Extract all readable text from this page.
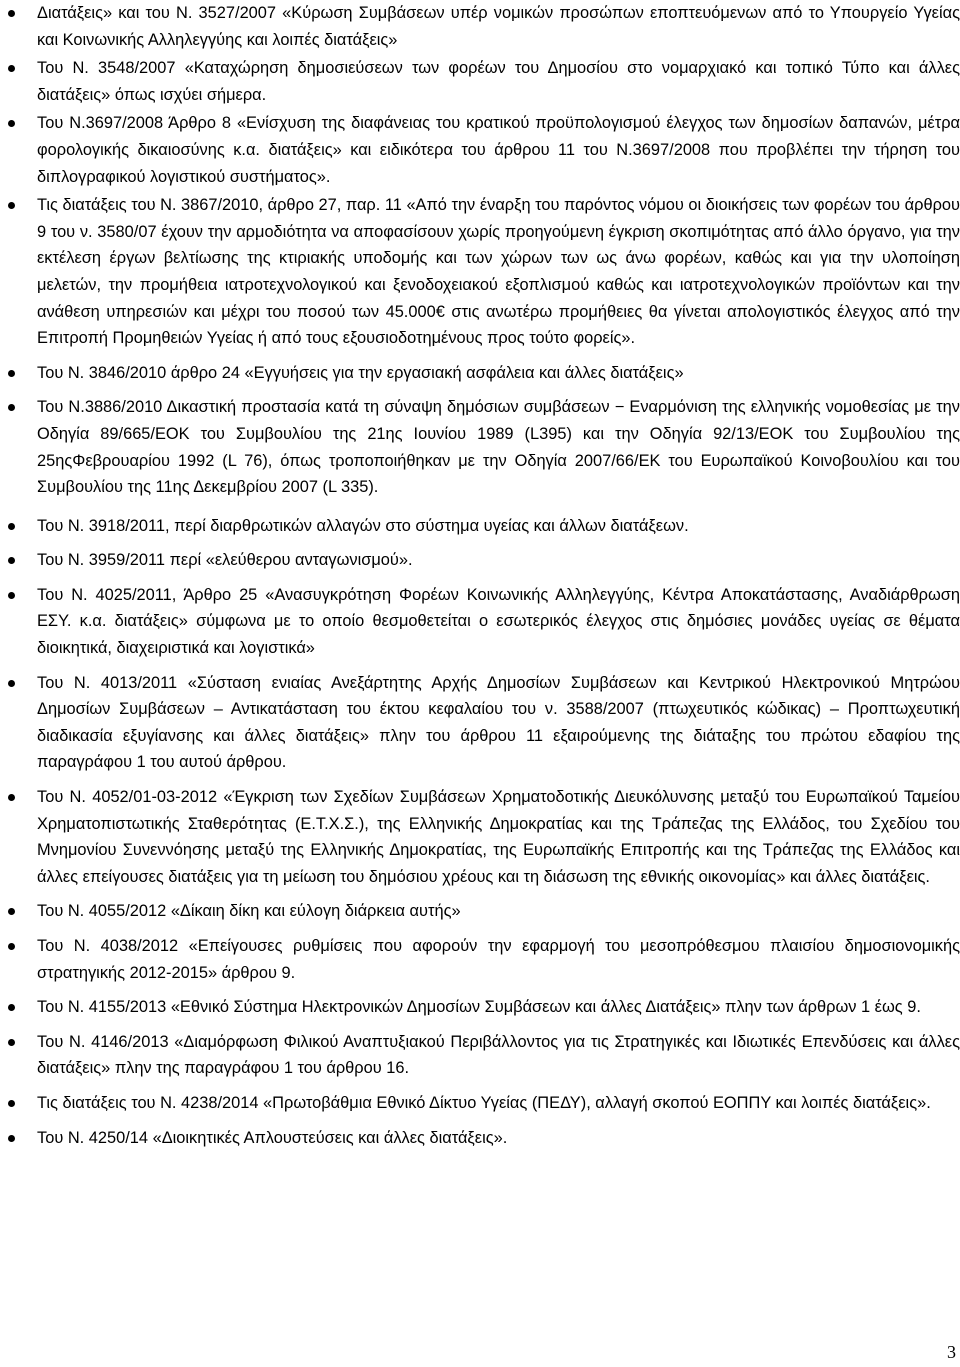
Διατάξεις» και του Ν. 3527/2007 «Κύρωση Συμβάσεων υπέρ νομικών προσώπων εποπτευόμενων από το Υπουργείο Υγείας και Κοινωνικής Αλληλεγγύης και λοιπές διατάξεις»
Του Ν. 3548/2007 «Καταχώρηση δημοσιεύσεων των φορέων του Δημοσίου στο νομαρχιακό και τοπικό Τύπο και άλλες διατάξεις» όπως ισχύει σήμερα.
Του Ν.3697/2008 Άρθρο 8 «Ενίσχυση της διαφάνειας του κρατικού προϋπολογισμού έλεγχος των δημοσίων δαπανών, μέτρα φορολογικής δικαιοσύνης κ.α. διατάξεις» και ειδικότερα του άρθρου 11 του Ν.3697/2008 που προβλέπει την τήρηση του διπλογραφικού λογιστικού συστήματος».
Τις διατάξεις του Ν. 3867/2010, άρθρο 27, παρ. 11 «Από την έναρξη του παρόντος νόμου οι διοικήσεις των φορέων του άρθρου 9 του ν. 3580/07 έχουν την αρμοδιότητα να αποφασίσουν χωρίς προηγούμενη έγκριση σκοπιμότητας από άλλο όργανο, για την εκτέλεση έργων βελτίωσης της κτιριακής υποδομής και των χώρων των ως άνω φορέων, καθώς και για την υλοποίηση μελετών, την προμήθεια ιατροτεχνολογικού και ξενοδοχειακού εξοπλισμού καθώς και ιατροτεχνολογικών προϊόντων και την ανάθεση υπηρεσιών και μέχρι του ποσού των 45.000€ στις ανωτέρω προμήθειες θα γίνεται απολογιστικός έλεγχος από την Επιτροπή Προμηθειών Υγείας ή από τους εξουσιοδοτημένους προς τούτο φορείς».
Του Ν. 3846/2010 άρθρο 24 «Εγγυήσεις για την εργασιακή ασφάλεια και άλλες διατάξεις»
Του Ν.3886/2010 Δικαστική προστασία κατά τη σύναψη δημόσιων συμβάσεων − Εναρμόνιση της ελληνικής νομοθεσίας με την Οδηγία 89/665/ΕΟΚ του Συμβουλίου της 21ης Ιουνίου 1989 (L395) και την Οδηγία 92/13/ΕΟΚ του Συμβουλίου της 25ηςΦεβρουαρίου 1992 (L 76), όπως τροποποιήθηκαν με την Οδηγία 2007/66/ΕΚ του Ευρωπαϊκού Κοινοβουλίου και του Συμβουλίου της 11ης Δεκεμβρίου 2007 (L 335).
Του Ν. 3918/2011, περί διαρθρωτικών αλλαγών στο σύστημα υγείας και άλλων διατάξεων.
Του Ν. 3959/2011 περί «ελεύθερου ανταγωνισμού».
Του Ν. 4025/2011, Άρθρο 25 «Ανασυγκρότηση Φορέων Κοινωνικής Αλληλεγγύης, Κέντρα Αποκατάστασης, Αναδιάρθρωση ΕΣΥ. κ.α. διατάξεις» σύμφωνα με το οποίο θεσμοθετείται ο εσωτερικός έλεγχος στις δημόσιες μονάδες υγείας σε θέματα διοικητικά, διαχειριστικά και λογιστικά»
Του Ν. 4013/2011 «Σύσταση ενιαίας Ανεξάρτητης Αρχής Δημοσίων Συμβάσεων και Κεντρικού Ηλεκτρονικού Μητρώου Δημοσίων Συμβάσεων – Αντικατάσταση του έκτου κεφαλαίου του ν. 3588/2007 (πτωχευτικός κώδικας) – Προπτωχευτική διαδικασία εξυγίανσης και άλλες διατάξεις» πλην του άρθρου 11 εξαιρούμενης της διάταξης του πρώτου εδαφίου της παραγράφου 1 του αυτού άρθρου.
Του Ν. 4052/01-03-2012 «Έγκριση των Σχεδίων Συμβάσεων Χρηματοδοτικής Διευκόλυνσης μεταξύ του Ευρωπαϊκού Ταμείου Χρηματοπιστωτικής Σταθερότητας (Ε.Τ.Χ.Σ.), της Ελληνικής Δημοκρατίας και της Τράπεζας της Ελλάδος, του Σχεδίου του Μνημονίου Συνεννόησης μεταξύ της Ελληνικής Δημοκρατίας, της Ευρωπαϊκής Επιτροπής και της Τράπεζας της Ελλάδος και άλλες επείγουσες διατάξεις για τη μείωση του δημόσιου χρέους και τη διάσωση της εθνικής οικονομίας» και άλλες διατάξεις.
Του Ν. 4055/2012 «Δίκαιη δίκη και εύλογη διάρκεια αυτής»
Του Ν. 4038/2012 «Επείγουσες ρυθμίσεις που αφορούν την εφαρμογή του μεσοπρόθεσμου πλαισίου δημοσιονομικής στρατηγικής 2012-2015» άρθρου 9.
Του Ν. 4155/2013 «Εθνικό Σύστημα Ηλεκτρονικών Δημοσίων Συμβάσεων και άλλες Διατάξεις» πλην των άρθρων 1 έως 9.
Του Ν. 4146/2013 «Διαμόρφωση Φιλικού Αναπτυξιακού Περιβάλλοντος για τις Στρατηγικές και Ιδιωτικές Επενδύσεις και άλλες διατάξεις» πλην της παραγράφου 1 του άρθρου 16.
Τις διατάξεις του Ν. 4238/2014 «Πρωτοβάθμια Εθνικό Δίκτυο Υγείας (ΠΕΔΥ), αλλαγή σκοπού ΕΟΠΠΥ και λοιπές διατάξεις».
Του Ν. 4250/14 «Διοικητικές Απλουστεύσεις και άλλες διατάξεις».
3
